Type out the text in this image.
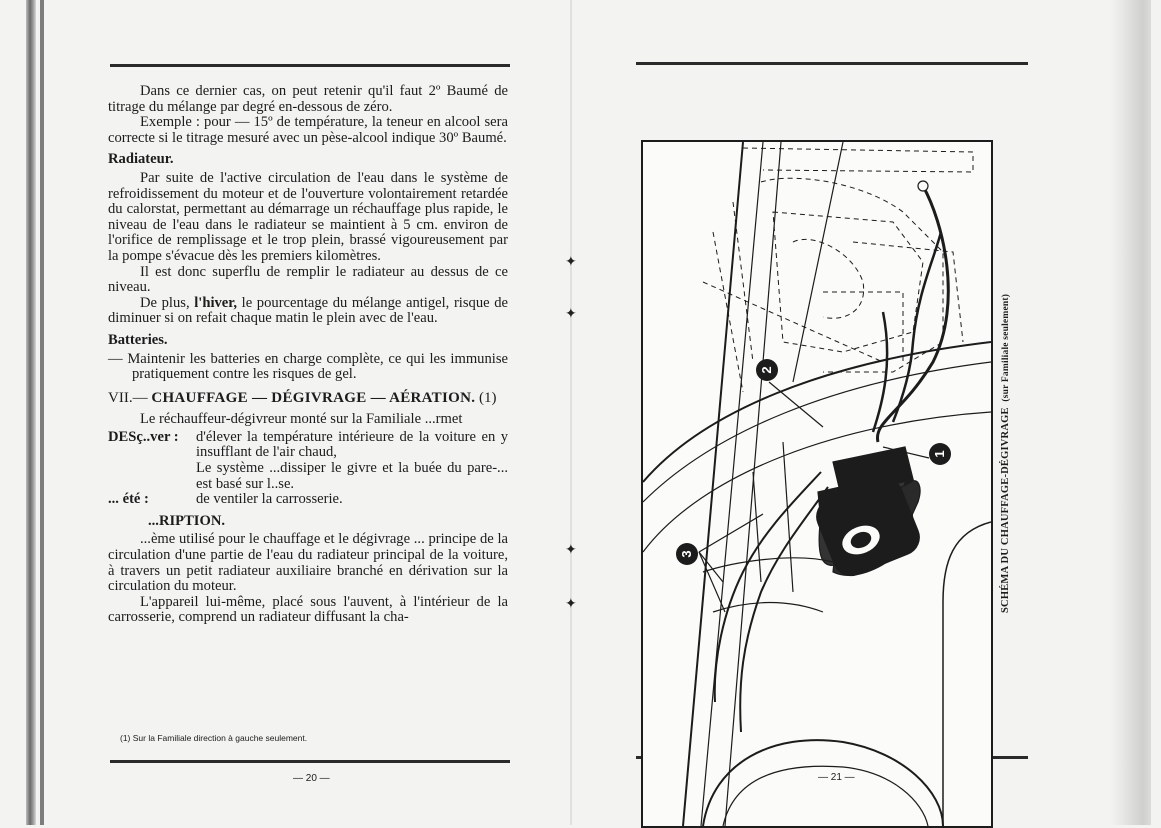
Dans ce dernier cas, on peut retenir qu'il faut 2º Baumé de titrage du mélange par degré en-dessous de zéro.

Exemple : pour — 15º de température, la teneur en alcool sera correcte si le titrage mesuré avec un pèse-alcool indique 30º Baumé.

Radiateur.

Par suite de l'active circulation de l'eau dans le système de refroidissement du moteur et de l'ouverture volontairement retardée du calorstat, permettant au démarrage un réchauffage plus rapide, le niveau de l'eau dans le radiateur se maintient à 5 cm. environ de l'orifice de remplissage et le trop plein, brassé vigoureusement par la pompe s'évacue dès les premiers kilomètres.

Il est donc superflu de remplir le radiateur au dessus de ce niveau.

De plus, l'hiver, le pourcentage du mélange antigel, risque de diminuer si on refait chaque matin le plein avec de l'eau.

Batteries.

— Maintenir les batteries en charge complète, ce qui les immunise pratiquement contre les risques de gel.

VII.— CHAUFFAGE — DÉGIVRAGE — AÉRATION. (1)

Le réchauffeur-dégivreur monté sur la Familiale ...rmet

DESç..ver :	d'élever la température intérieure de la voiture en y insufflant de l'air chaud,
Le système ...dissiper le givre et la buée du pare-... est basé sur l..se.
... été :	de ventiler la carrosserie.

...RIPTION.

...ème utilisé pour le chauffage et le dégivrage ... principe de la circulation d'une partie de l'eau du radiateur principal de la voiture, à travers un petit radiateur auxiliaire branché en dérivation sur la circulation du moteur.

L'appareil lui-même, placé sous l'auvent, à l'intérieur de la carrosserie, comprend un radiateur diffusant la cha-

(1) Sur la Familiale direction à gauche seulement.
— 20 —
✦
✦
✦
✦
2
1
3	SCHÉMA DU CHAUFFAGE-DÉGIVRAGE  (sur Familiale seulement)
— 21 —
